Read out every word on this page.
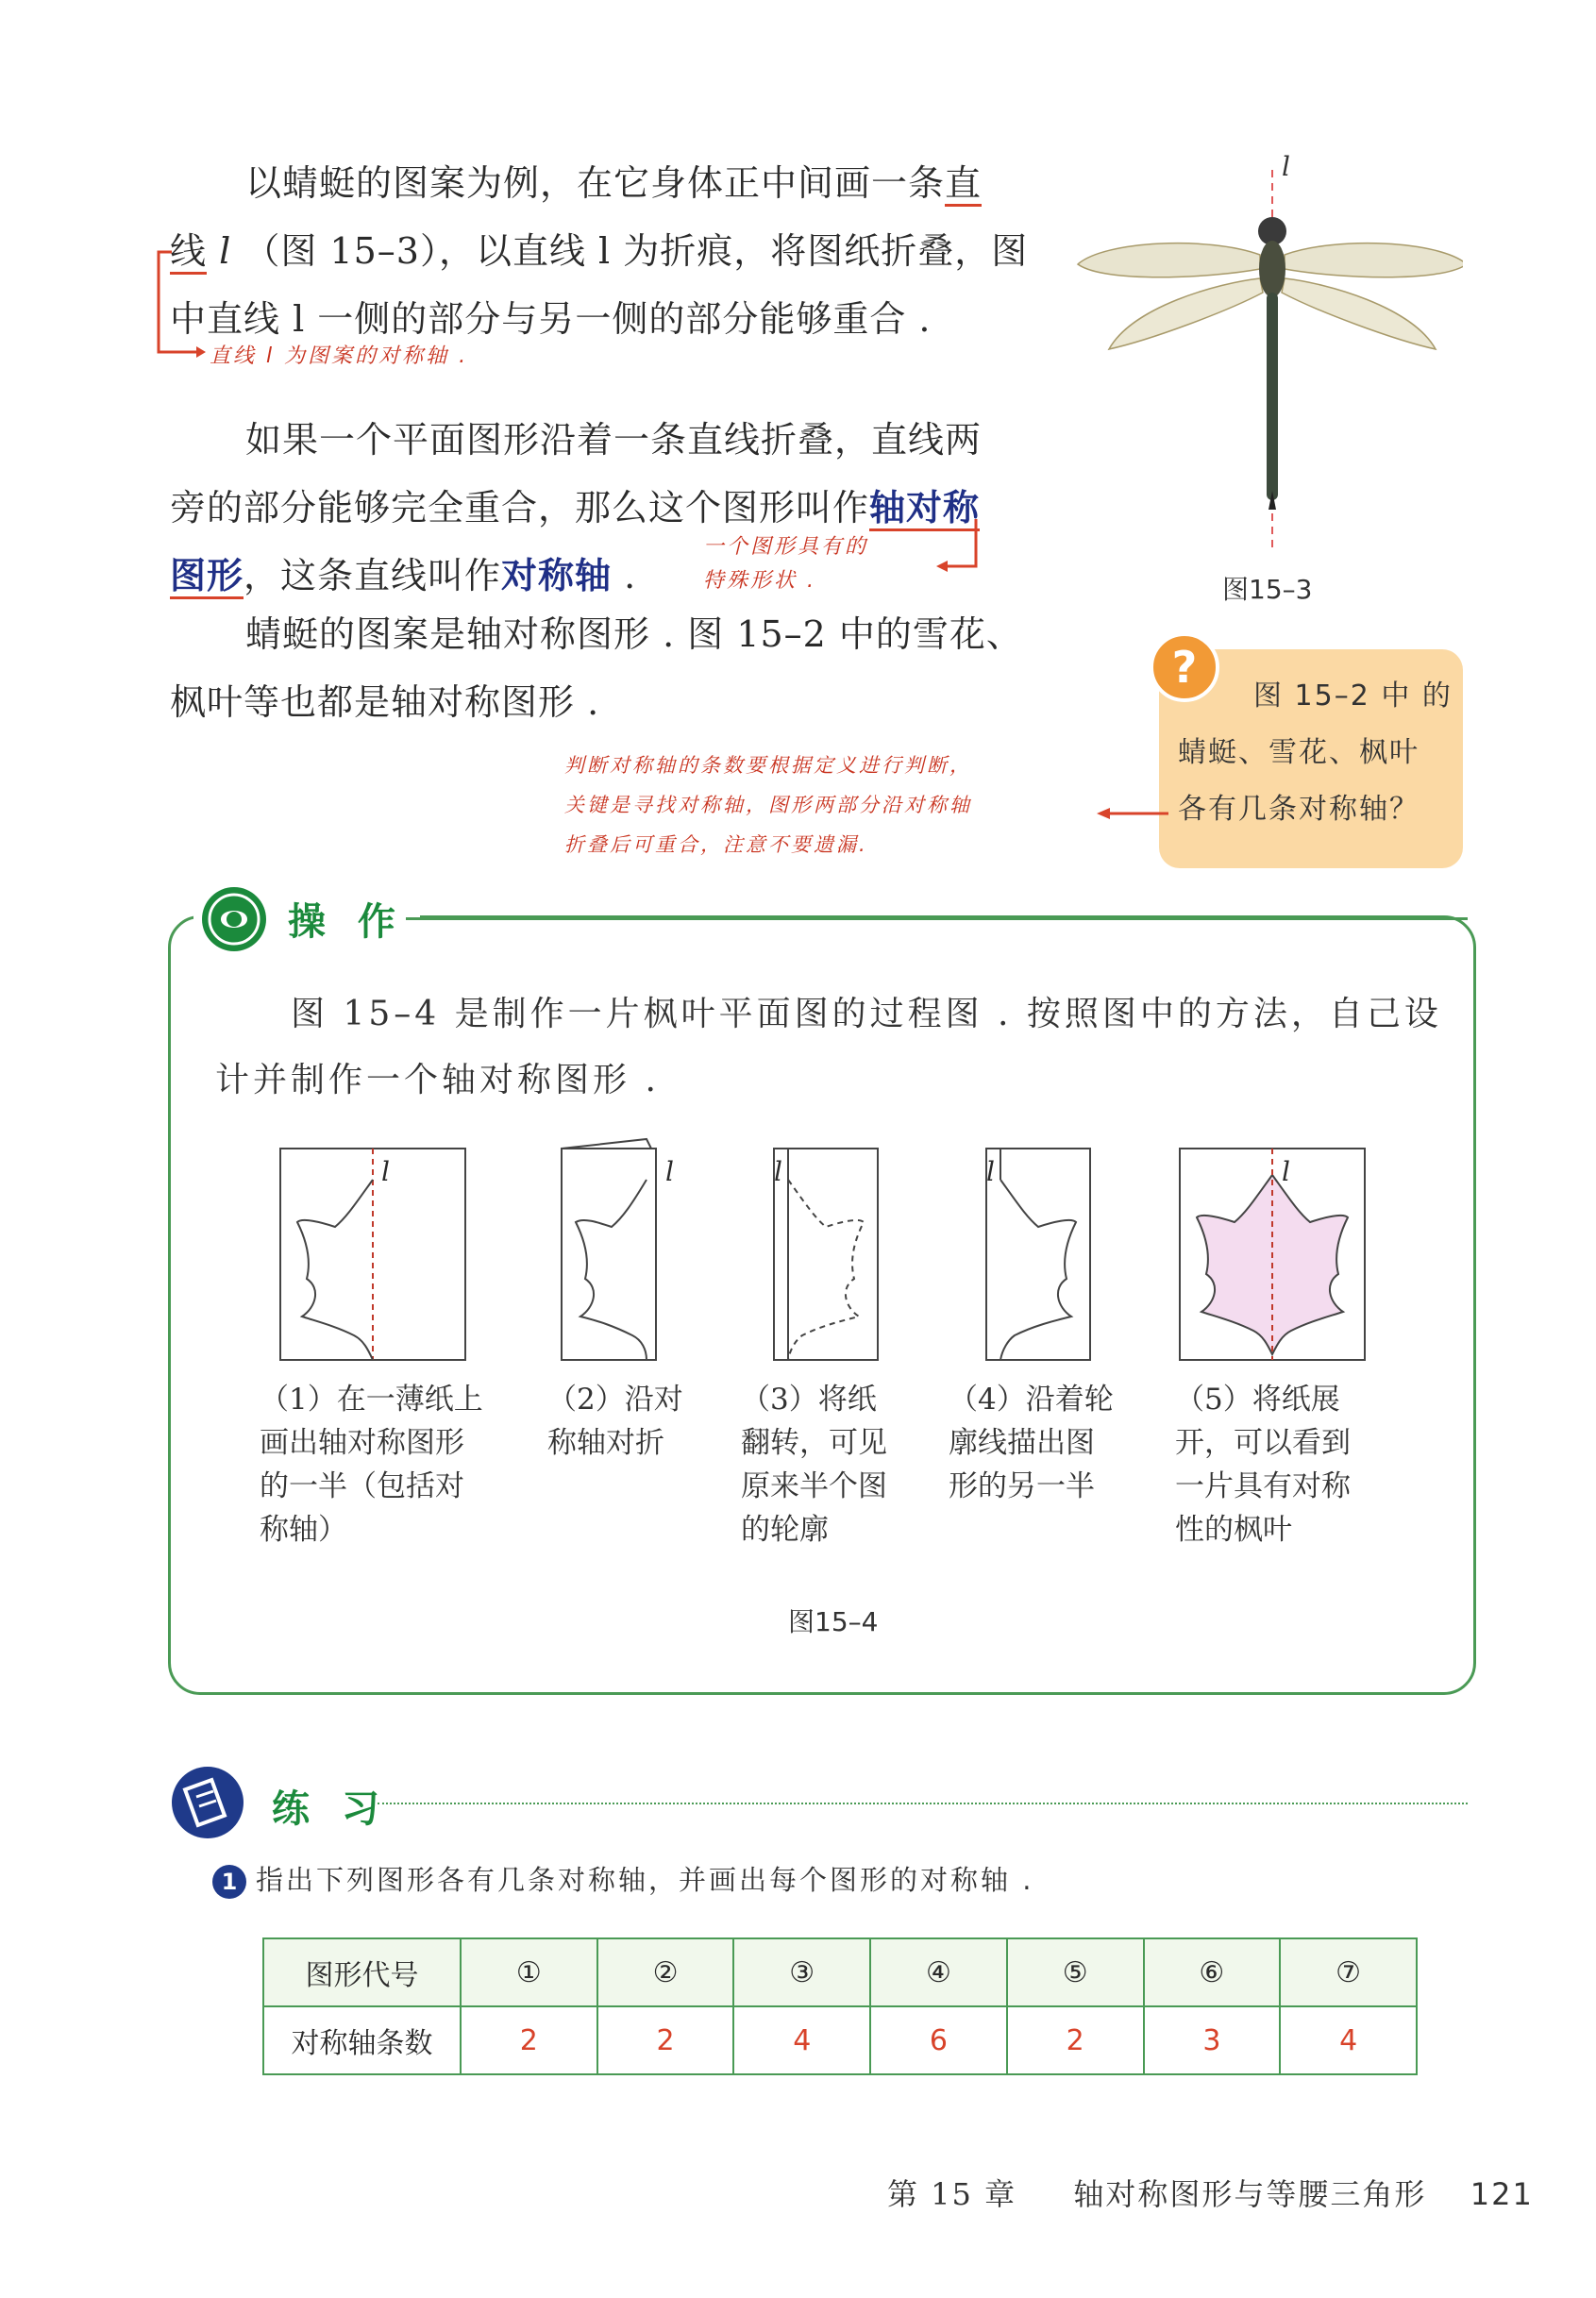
以蜻蜓的图案为例，在它身体正中间画一条直
线 l （图 15–3），以直线 l 为折痕，将图纸折叠，图
中直线 l 一侧的部分与另一侧的部分能够重合 .
直线 l 为图案的对称轴 .
如果一个平面图形沿着一条直线折叠，直线两
旁的部分能够完全重合，那么这个图形叫作轴对称
图形，这条直线叫作对称轴 .
一个图形具有的
特殊形状 .
蜻蜓的图案是轴对称图形 . 图 15–2 中的雪花、
枫叶等也都是轴对称图形 .
l
图15–3
?
图 15–2 中 的
蜻蜓、雪花、枫叶
各有几条对称轴？
判断对称轴的条数要根据定义进行判断，
关键是寻找对称轴，图形两部分沿对称轴
折叠后可重合，注意不要遗漏.
操 作
图 15–4 是制作一片枫叶平面图的过程图 . 按照图中的方法，自己设
计并制作一个轴对称图形 .
l	l	l	l	l
（1）在一薄纸上
画出轴对称图形
的一半（包括对
称轴）
（2）沿对
称轴对折
（3）将纸
翻转，可见
原来半个图
的轮廓
（4）沿着轮
廓线描出图
形的另一半
（5）将纸展
开，可以看到
一片具有对称
性的枫叶
图15–4
练 习
1 指出下列图形各有几条对称轴，并画出每个图形的对称轴 .
图形代号	①	②	③	④	⑤	⑥	⑦
对称轴条数	2	2	4	6	2	3	4
第 15 章 轴对称图形与等腰三角形 121
